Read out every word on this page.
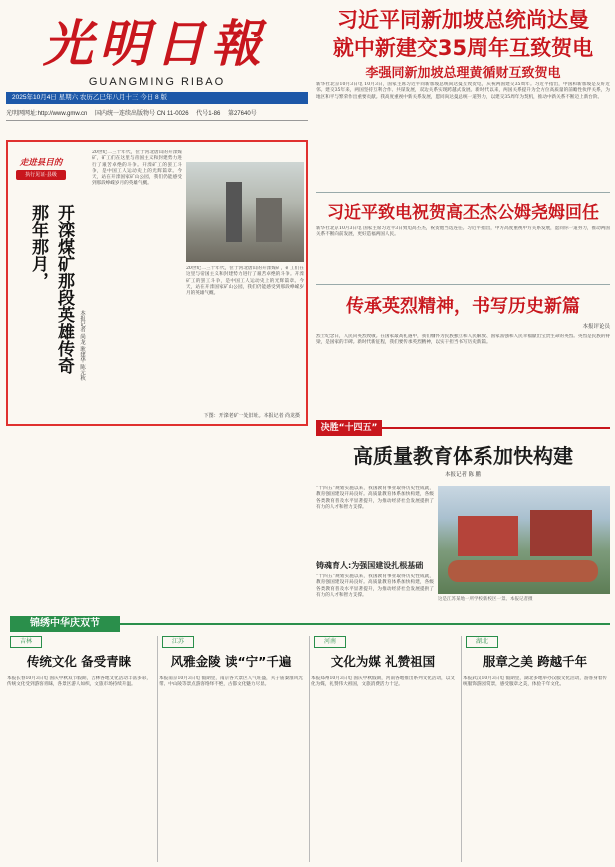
光明日報
GUANGMING RIBAO
2025年10月4日 星期六 农历乙巳年八月十三 今日 8 版
光明网网址:http://www.gmw.cn 国内统一连续出版物号 CN 11-0026 代号1-86 第27640号
习近平同新加坡总统尚达曼
就中新建交35周年互致贺电
李强同新加坡总理黄循财互致贺电
新华社北京10月3日电 10月3日，国家主席习近平同新加坡总统尚达曼互致贺电，庆祝两国建交35周年。习近平指出，中国和新加坡是友好近邻。建交35年来，两国坚持互利合作、共谋发展，双边关系实现跨越式发展。新时代以来，两国关系提升为全方位高质量的前瞻性伙伴关系，为地区和平与繁荣作出重要贡献。我高度重视中新关系发展，愿同尚达曼总统一道努力，以建交35周年为契机，推动中新关系不断迈上新台阶。
习近平致电祝贺高丕杰公姆尧姆回任
新华社北京10月3日电 国家主席习近平3日致电高丕杰，祝贺他当选连任。习近平指出，中方高度重视中方关系发展，愿同你一道努力，推动两国关系不断向前发展，更好造福两国人民。
传承英烈精神，书写历史新篇
本报评论员
烈士纪念日，人民向英烈致敬。在国家最高礼遇中，我们缅怀为民族独立和人民解放、国家富强和人民幸福献出宝贵生命的英烈。英烈是民族的脊梁，是国家的丰碑。新时代新征程，我们要传承英烈精神，以实干担当书写历史新篇。
走进县目的
执行见证·县级
那年那月， 开滦煤矿那段英雄传奇 本报记者 尚龙 耿建华 陈元秋
20世纪二三十年代，位于河北唐山的开滦煤矿，矿工们在这里与帝国主义和封建势力进行了艰苦卓绝的斗争。开滦矿工的罢工斗争，是中国工人运动史上的光辉篇章。今天，站在开滦国家矿山公园，我们仍能感受到那段峥嵘岁月的英雄气概。
20世纪二三十年代，位于河北唐山的开滦煤矿，矿工们在这里与帝国主义和封建势力进行了艰苦卓绝的斗争。开滦矿工的罢工斗争，是中国工人运动史上的光辉篇章。今天，站在开滦国家矿山公园，我们仍能感受到那段峥嵘岁月的英雄气概。
下图：开滦老矿一处旧址。本报记者 尚龙摄
决胜“十四五”
高质量教育体系加快构建
本报记者 陈 鹏
“十四五”规划实施以来，我国教育事业取得历史性成就，教育强国建设开局良好。高质量教育体系加快构建，各级各类教育普及水平显著提升，为推动经济社会发展提供了有力的人才和智力支撑。
铸魂育人:为强国建设扎根基础
“十四五”规划实施以来，我国教育事业取得历史性成就，教育强国建设开局良好。高质量教育体系加快构建，各级各类教育普及水平显著提升，为推动经济社会发展提供了有力的人才和智力支撑。
这是江苏某地一所学校新校区一景。本报记者摄
锦绣中华庆双节
吉林
传统文化 备受青睐
本报长春10月3日电 国庆中秋双节假期，吉林各地文化活动丰富多彩，传统文化受到游客青睐，各景区游人如织，文旅市场持续升温。
江苏
风雅金陵 读“宁”千遍
本报南京10月3日电 假期里，南京各大景区人气旺盛，夫子庙秦淮风光带、中山陵等景点游客络绎不绝，古都文化魅力尽显。
河南
文化为媒 礼赞祖国
本报郑州10月3日电 国庆中秋假期，河南各地推出系列文化活动，以文化为媒，礼赞伟大祖国，文旅消费活力十足。
湖北
服章之美 跨越千年
本报武汉10月3日电 假期里，湖北多地举办汉服文化活动，游客身着传统服饰游园赏景，感受服章之美，体验千年文化。
